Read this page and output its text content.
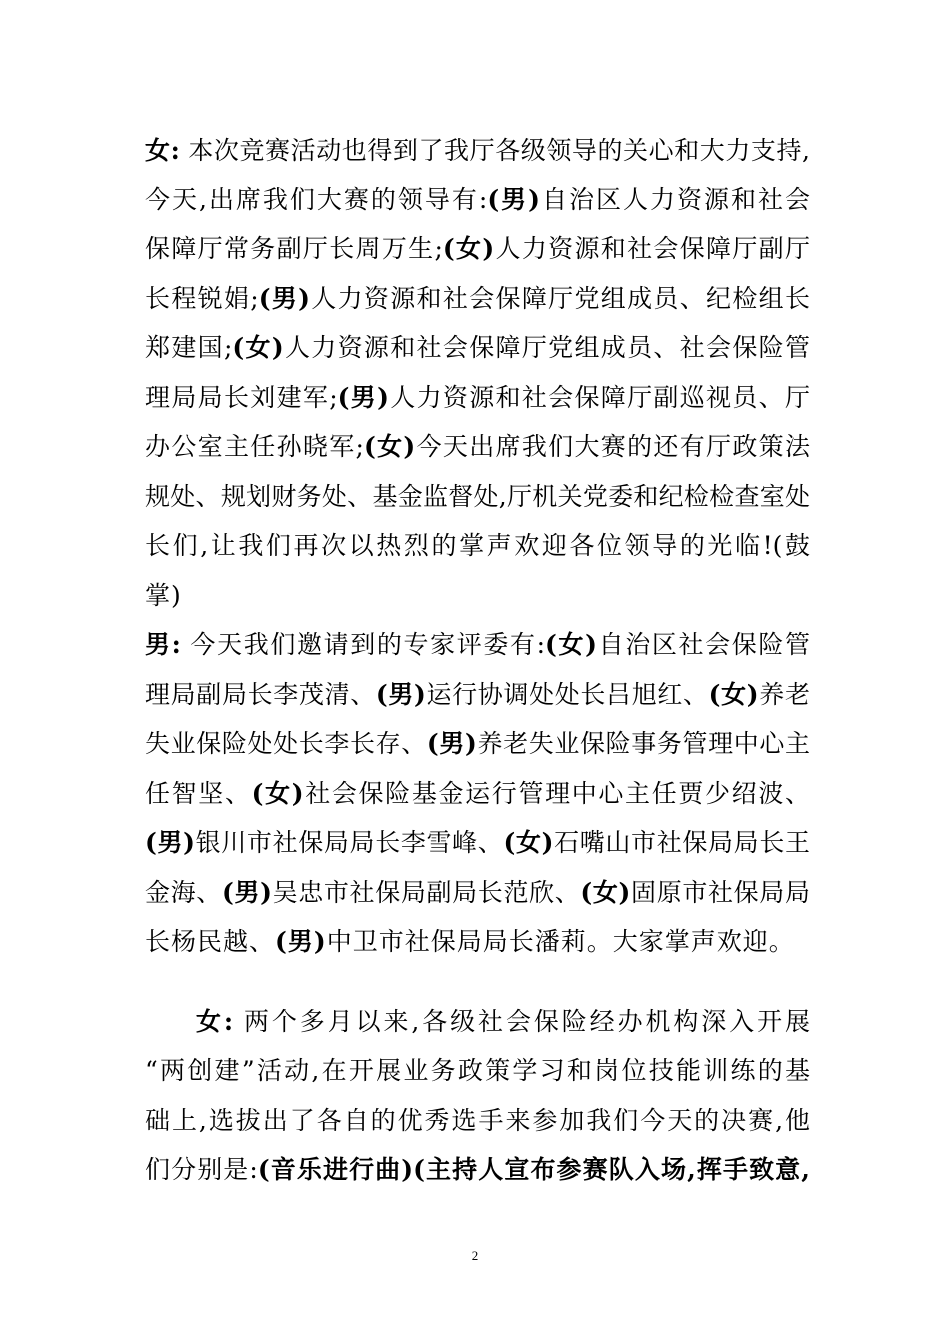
女: 本次竞赛活动也得到了我厅各级领导的关心和大力支持,
今天,出席我们大赛的领导有:(男)自治区人力资源和社会
保障厅常务副厅长周万生;(女)人力资源和社会保障厅副厅
长程锐娟;(男)人力资源和社会保障厅党组成员、纪检组长
郑建国;(女)人力资源和社会保障厅党组成员、社会保险管
理局局长刘建军;(男)人力资源和社会保障厅副巡视员、厅
办公室主任孙晓军;(女)今天出席我们大赛的还有厅政策法
规处、规划财务处、基金监督处,厅机关党委和纪检检查室处
长们,让我们再次以热烈的掌声欢迎各位领导的光临!(鼓
掌)
男: 今天我们邀请到的专家评委有:(女)自治区社会保险管
理局副局长李茂清、(男)运行协调处处长吕旭红、(女)养老
失业保险处处长李长存、(男)养老失业保险事务管理中心主
任智坚、(女)社会保险基金运行管理中心主任贾少绍波、
(男)银川市社保局局长李雪峰、(女)石嘴山市社保局局长王
金海、(男)吴忠市社保局副局长范欣、(女)固原市社保局局
长杨民越、(男)中卫市社保局局长潘莉。大家掌声欢迎。
女: 两个多月以来,各级社会保险经办机构深入开展
“两创建”活动,在开展业务政策学习和岗位技能训练的基
础上,选拔出了各自的优秀选手来参加我们今天的决赛,他
们分别是:(音乐进行曲)(主持人宣布参赛队入场,挥手致意,
2
